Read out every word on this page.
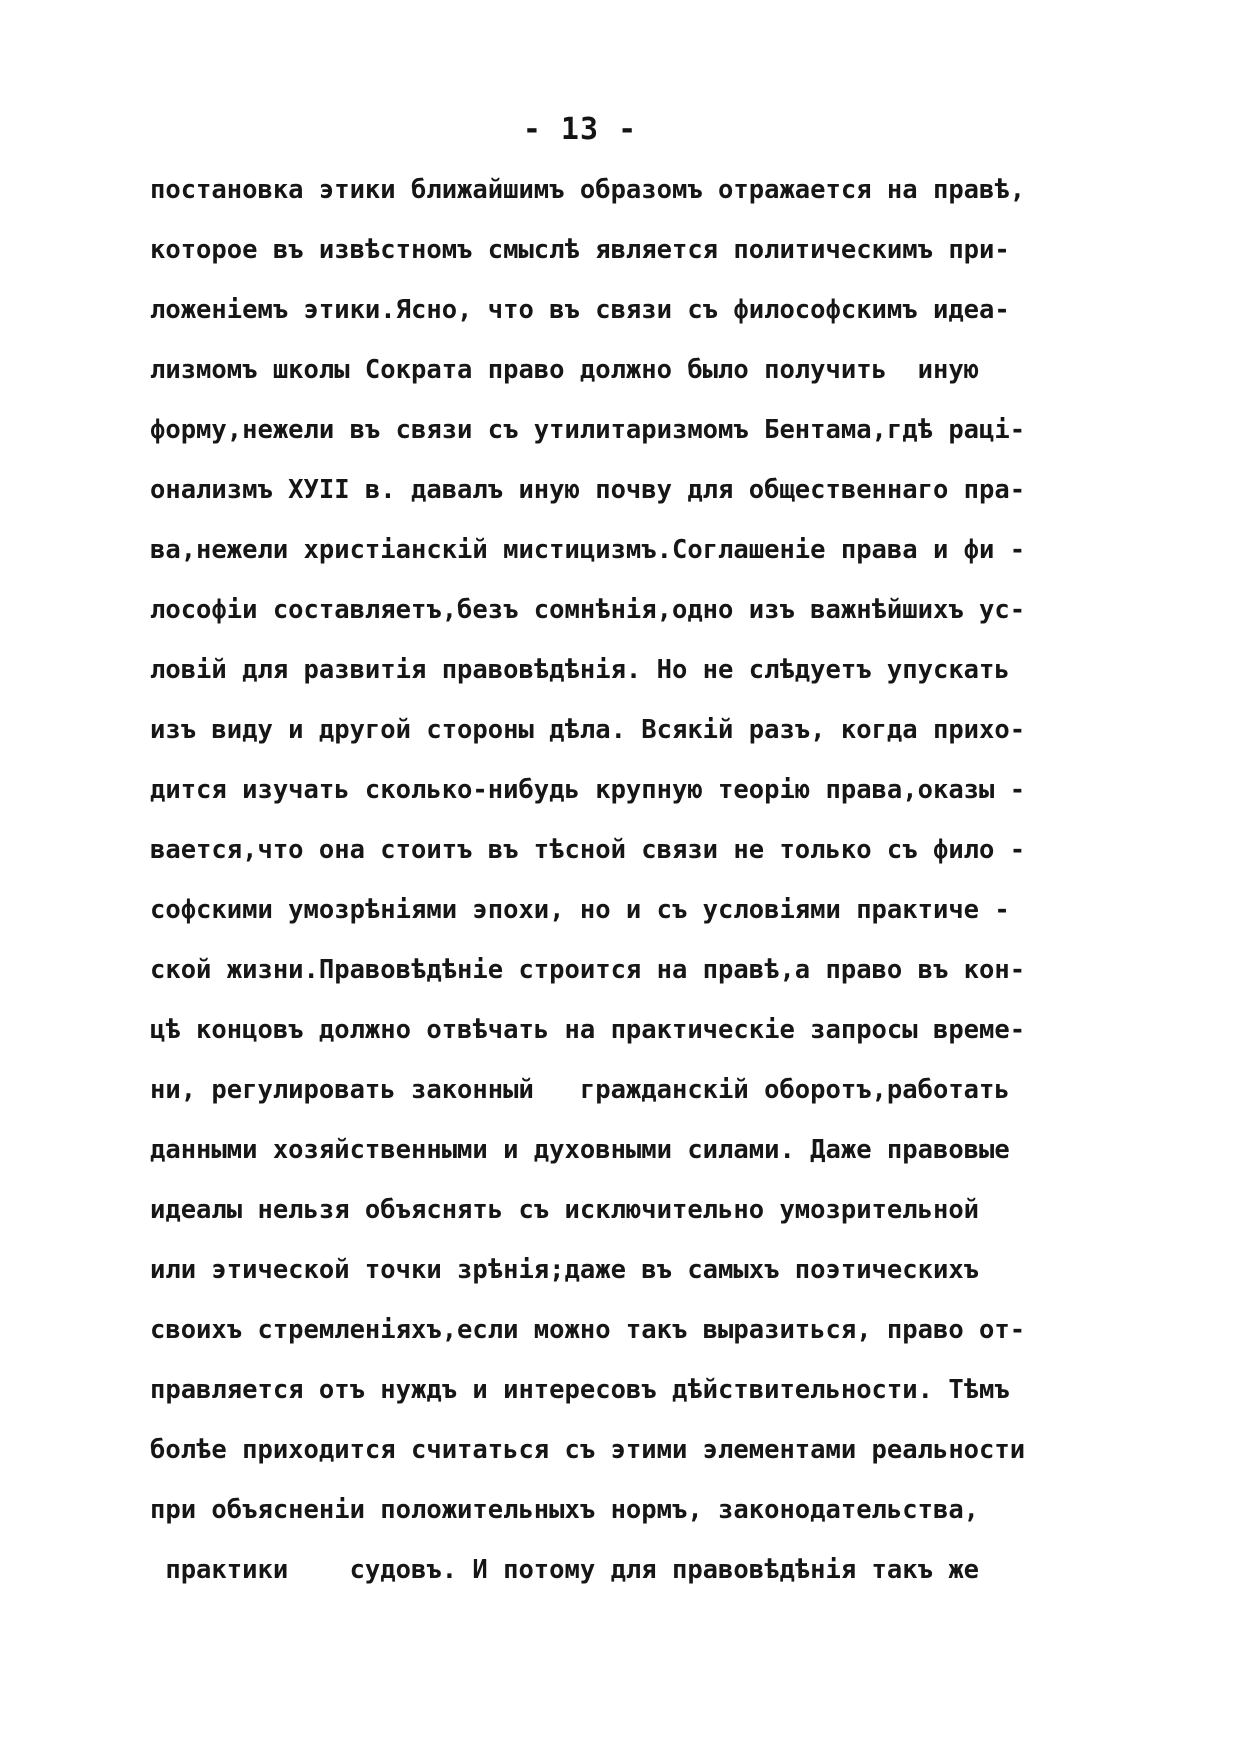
- 13 -
постановка этики ближайшимъ образомъ отражается на правѣ,
которое въ извѣстномъ смыслѣ является политическимъ при-
ложеніемъ этики.Ясно, что въ связи съ философскимъ идеа-
лизмомъ школы Сократа право должно было получить  иную
форму,нежели въ связи съ утилитаризмомъ Бентама,гдѣ раці-
онализмъ ХУІІ в. давалъ иную почву для общественнаго пра-
ва,нежели христіанскій мистицизмъ.Соглашеніе права и фи -
лософіи составляетъ,безъ сомнѣнія,одно изъ важнѣйшихъ ус-
ловій для развитія правовѣдѣнія. Но не слѣдуетъ упускать
изъ виду и другой стороны дѣла. Всякій разъ, когда прихо-
дится изучать сколько-нибудь крупную теорію права,оказы -
вается,что она стоитъ въ тѣсной связи не только съ фило -
софскими умозрѣніями эпохи, но и съ условіями практиче -
ской жизни.Правовѣдѣніе строится на правѣ,а право въ кон-
цѣ концовъ должно отвѣчать на практическіе запросы време-
ни, регулировать законный   гражданскій оборотъ,работать
данными хозяйственными и духовными силами. Даже правовые
идеалы нельзя объяснять съ исключительно умозрительной
или этической точки зрѣнія;даже въ самыхъ поэтическихъ
своихъ стремленіяхъ,если можно такъ выразиться, право от-
правляется отъ нуждъ и интересовъ дѣйствительности. Тѣмъ
болѣе приходится считаться съ этими элементами реальности
при объясненіи положительныхъ нормъ, законодательства,
практики    судовъ. И потому для правовѣдѣнія такъ же
